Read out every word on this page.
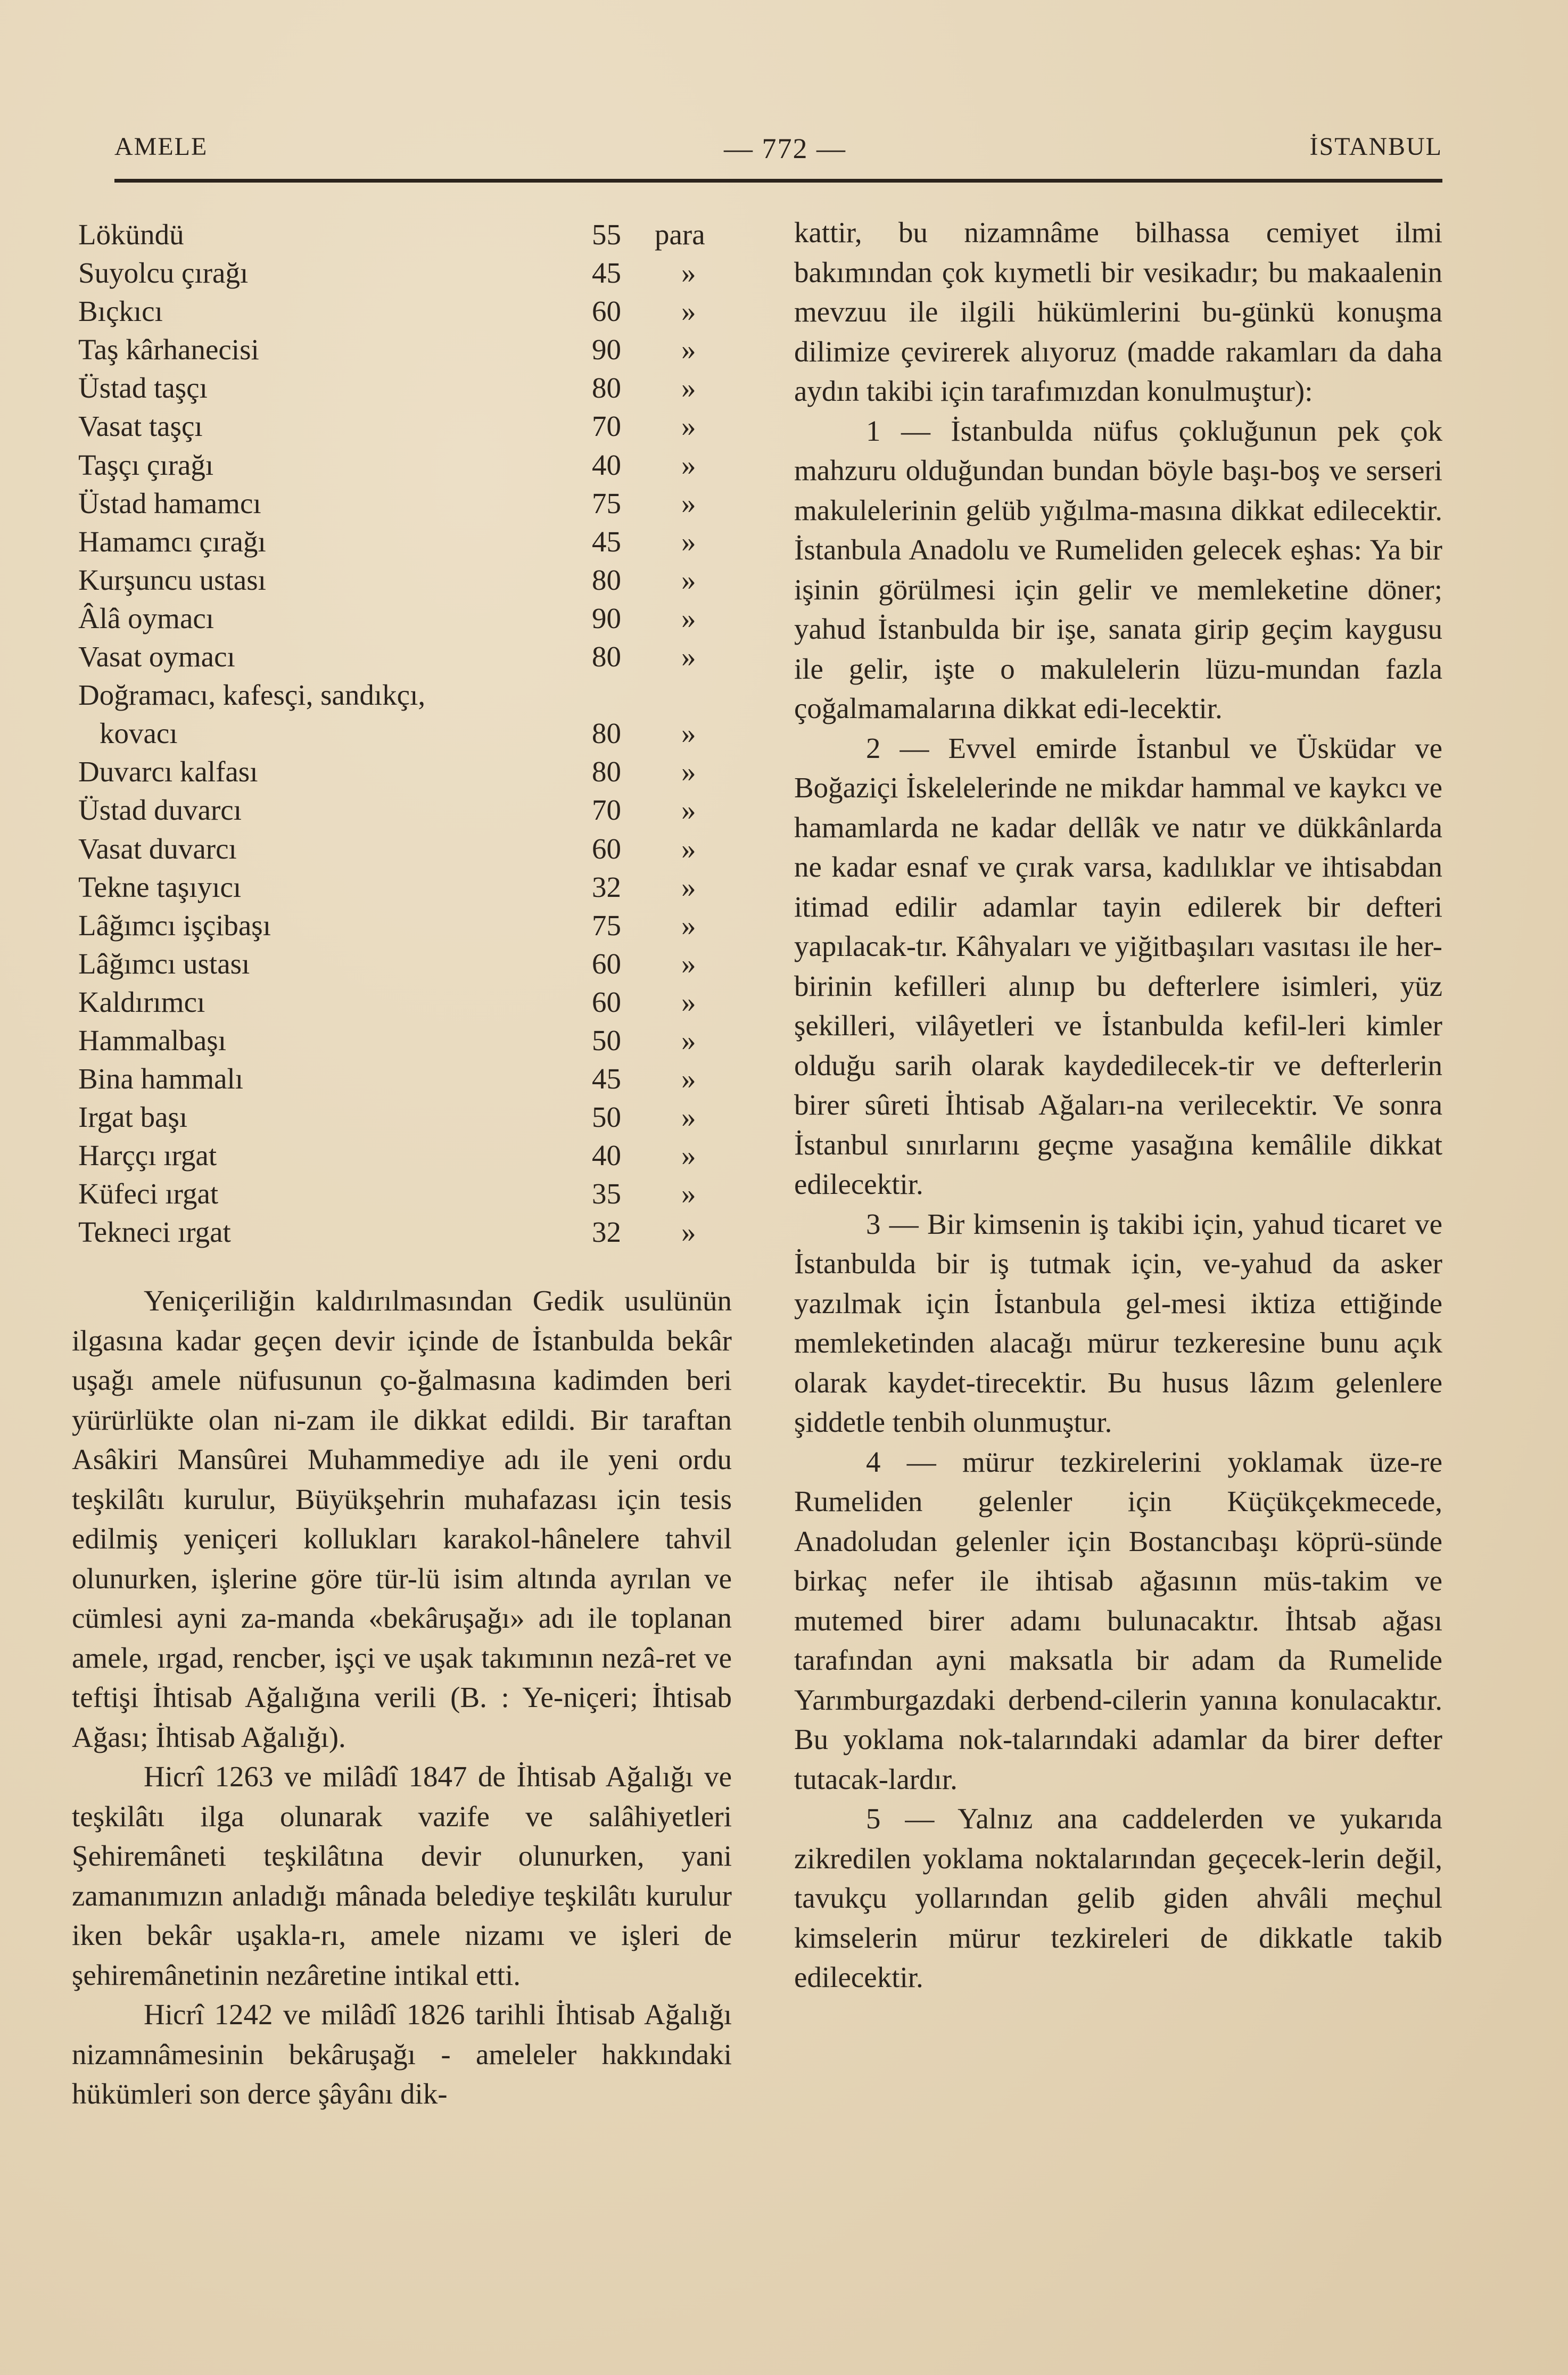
AMELE	— 772 —	İSTANBUL
Lökündü	55 para
Suyolcu çırağı	45 »
Bıçkıcı	60 »
Taş kârhanecisi	90 »
Üstad taşçı	80 »
Vasat taşçı	70 »
Taşçı çırağı	40 »
Üstad hamamcı	75 »
Hamamcı çırağı	45 »
Kurşuncu ustası	80 »
Âlâ oymacı	90 »
Vasat oymacı	80 »
Doğramacı, kafesçi, sandıkçı,
kovacı	80 »
Duvarcı kalfası	80 »
Üstad duvarcı	70 »
Vasat duvarcı	60 »
Tekne taşıyıcı	32 »
Lâğımcı işçibaşı	75 »
Lâğımcı ustası	60 »
Kaldırımcı	60 »
Hammalbaşı	50 »
Bina hammalı	45 »
Irgat başı	50 »
Harççı ırgat	40 »
Küfeci ırgat	35 »
Tekneci ırgat	32 »

Yeniçeriliğin kaldırılmasından Gedik usulünün ilgasına kadar geçen devir içinde de İstanbulda bekâr uşağı amele nüfusunun ço-ğalmasına kadimden beri yürürlükte olan ni-zam ile dikkat edildi. Bir taraftan Asâkiri Mansûrei Muhammediye adı ile yeni ordu teşkilâtı kurulur, Büyükşehrin muhafazası için tesis edilmiş yeniçeri kollukları karakol-hânelere tahvil olunurken, işlerine göre tür-lü isim altında ayrılan ve cümlesi ayni za-manda «bekâruşağı» adı ile toplanan amele, ırgad, rencber, işçi ve uşak takımının nezâ-ret ve teftişi İhtisab Ağalığına verili (B. : Ye-niçeri; İhtisab Ağası; İhtisab Ağalığı).

Hicrî 1263 ve milâdî 1847 de İhtisab Ağalığı ve teşkilâtı ilga olunarak vazife ve salâhiyetleri Şehiremâneti teşkilâtına devir olunurken, yani zamanımızın anladığı mânada belediye teşkilâtı kurulur iken bekâr uşakla-rı, amele nizamı ve işleri de şehiremânetinin nezâretine intikal etti.

Hicrî 1242 ve milâdî 1826 tarihli İhtisab Ağalığı nizamnâmesinin bekâruşağı - ameleler hakkındaki hükümleri son derce şâyânı dik-

kattir, bu nizamnâme bilhassa cemiyet ilmi bakımından çok kıymetli bir vesikadır; bu makaalenin mevzuu ile ilgili hükümlerini bu-günkü konuşma dilimize çevirerek alıyoruz (madde rakamları da daha aydın takibi için tarafımızdan konulmuştur):

1 — İstanbulda nüfus çokluğunun pek çok mahzuru olduğundan bundan böyle başı-boş ve serseri makulelerinin gelüb yığılma-masına dikkat edilecektir. İstanbula Anadolu ve Rumeliden gelecek eşhas: Ya bir işinin görülmesi için gelir ve memleketine döner; yahud İstanbulda bir işe, sanata girip geçim kaygusu ile gelir, işte o makulelerin lüzu-mundan fazla çoğalmamalarına dikkat edi-lecektir.

2 — Evvel emirde İstanbul ve Üsküdar ve Boğaziçi İskelelerinde ne mikdar hammal ve kaykcı ve hamamlarda ne kadar dellâk ve natır ve dükkânlarda ne kadar esnaf ve çırak varsa, kadılıklar ve ihtisabdan itimad edilir adamlar tayin edilerek bir defteri yapılacak-tır. Kâhyaları ve yiğitbaşıları vasıtası ile her-birinin kefilleri alınıp bu defterlere isimleri, yüz şekilleri, vilâyetleri ve İstanbulda kefil-leri kimler olduğu sarih olarak kaydedilecek-tir ve defterlerin birer sûreti İhtisab Ağaları-na verilecektir. Ve sonra İstanbul sınırlarını geçme yasağına kemâlile dikkat edilecektir.

3 — Bir kimsenin iş takibi için, yahud ticaret ve İstanbulda bir iş tutmak için, ve-yahud da asker yazılmak için İstanbula gel-mesi iktiza ettiğinde memleketinden alacağı mürur tezkeresine bunu açık olarak kaydet-tirecektir. Bu husus lâzım gelenlere şiddetle tenbih olunmuştur.

4 — mürur tezkirelerini yoklamak üze-re Rumeliden gelenler için Küçükçekmecede, Anadoludan gelenler için Bostancıbaşı köprü-sünde birkaç nefer ile ihtisab ağasının müs-takim ve mutemed birer adamı bulunacaktır. İhtsab ağası tarafından ayni maksatla bir adam da Rumelide Yarımburgazdaki derbend-cilerin yanına konulacaktır. Bu yoklama nok-talarındaki adamlar da birer defter tutacak-lardır.

5 — Yalnız ana caddelerden ve yukarıda zikredilen yoklama noktalarından geçecek-lerin değil, tavukçu yollarından gelib giden ahvâli meçhul kimselerin mürur tezkireleri de dikkatle takib edilecektir.
